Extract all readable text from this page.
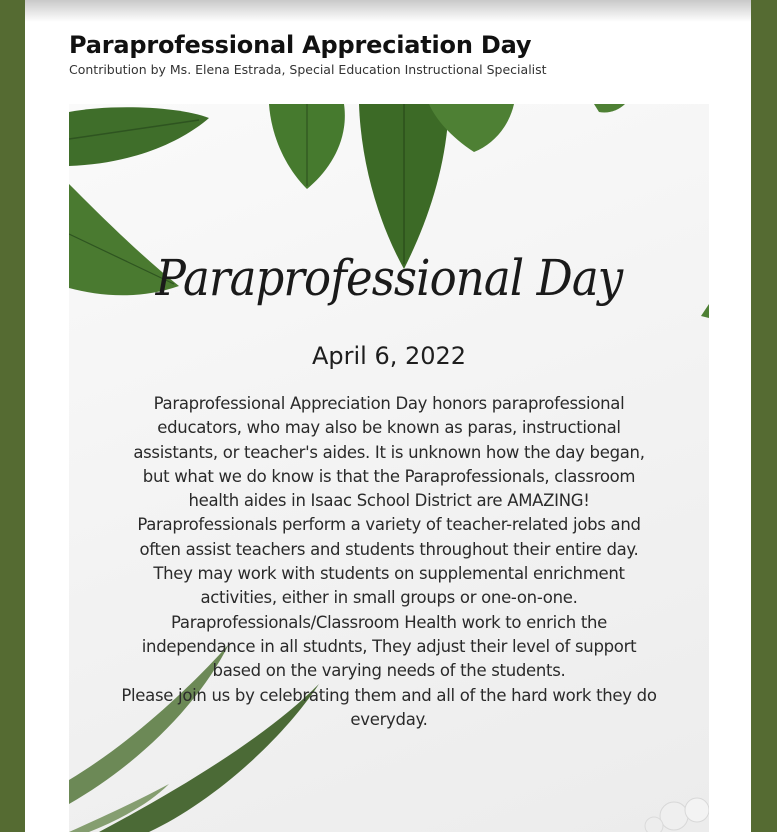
Paraprofessional Appreciation Day
Contribution by Ms. Elena Estrada, Special Education Instructional Specialist
Paraprofessional Day
April 6, 2022

Paraprofessional Appreciation Day honors paraprofessional educators, who may also be known as paras, instructional assistants, or teacher's aides. It is unknown how the day began, but what we do know is that the Paraprofessionals, classroom health aides in Isaac School District are AMAZING! Paraprofessionals perform a variety of teacher-related jobs and often assist teachers and students throughout their entire day. They may work with students on supplemental enrichment activities, either in small groups or one-on-one. Paraprofessionals/Classroom Health work to enrich the independance in all studnts, They adjust their level of support based on the varying needs of the students.

Please join us by celebrating them and all of the hard work they do everyday.
